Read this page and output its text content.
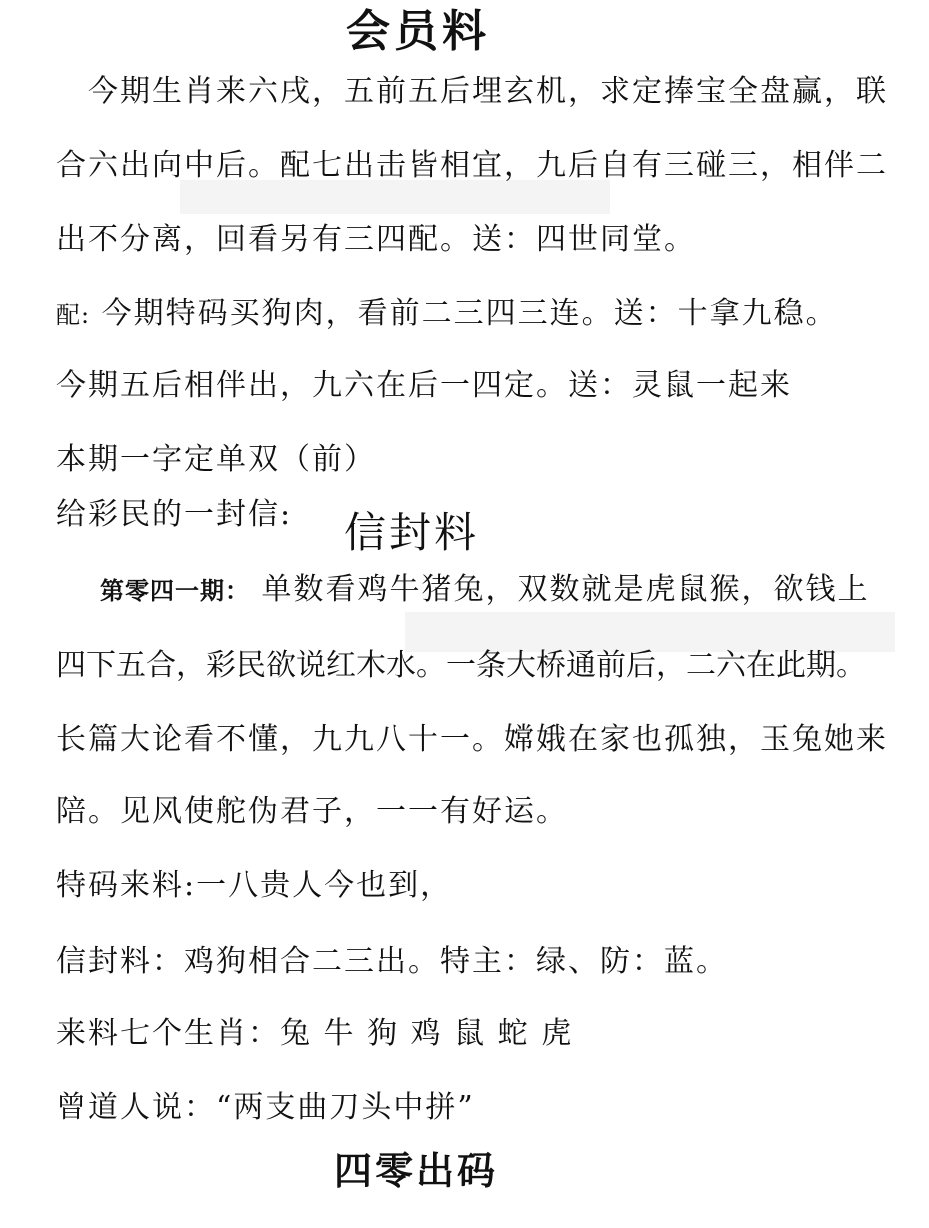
会员料

今期生肖来六戌，五前五后埋玄机，求定捧宝全盘赢，联

合六出向中后。配七出击皆相宜，九后自有三碰三，相伴二

出不分离，回看另有三四配。送：四世同堂。

配: 今期特码买狗肉，看前二三四三连。送：十拿九稳。

今期五后相伴出，九六在后一四定。送：灵鼠一起来

本期一字定单双（前）

给彩民的一封信: 信封料

第零四一期： 单数看鸡牛猪兔，双数就是虎鼠猴，欲钱上

四下五合，彩民欲说红木水。一条大桥通前后，二六在此期。

长篇大论看不懂，九九八十一。嫦娥在家也孤独，玉兔她来

陪。见风使舵伪君子，一一有好运。

特码来料:一八贵人今也到，

信封料：鸡狗相合二三出。特主：绿、防：蓝。

来料七个生肖：兔 牛 狗 鸡 鼠 蛇 虎

曾道人说：“两支曲刀头中拼”

四零出码
